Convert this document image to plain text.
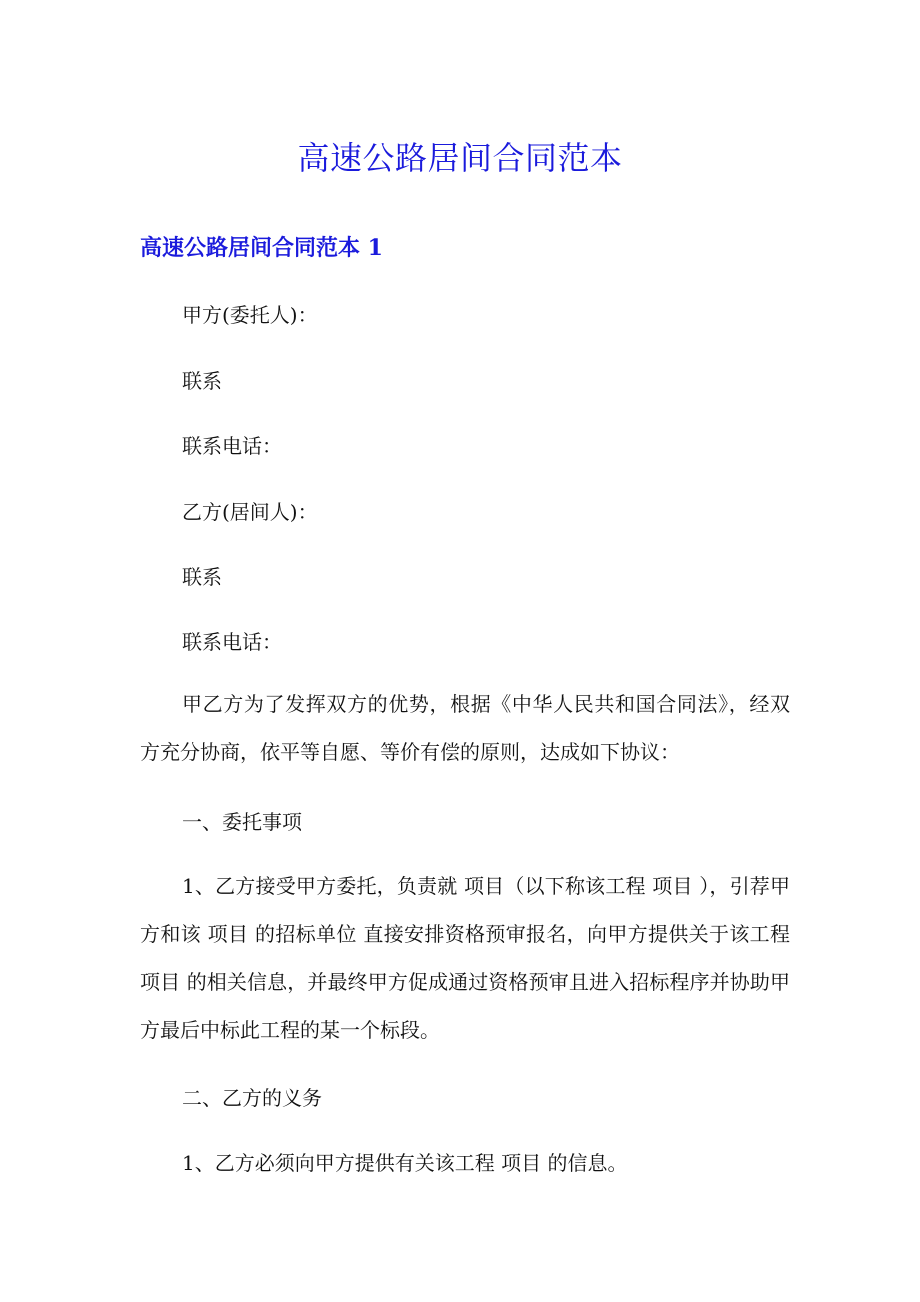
高速公路居间合同范本
高速公路居间合同范本 1

甲方(委托人)：

联系

联系电话：

乙方(居间人)：

联系

联系电话：

甲乙方为了发挥双方的优势，根据《中华人民共和国合同法》，经双方充分协商，依平等自愿、等价有偿的原则，达成如下协议：

一、委托事项

1、乙方接受甲方委托，负责就 项目（以下称该工程 项目 ），引荐甲方和该 项目 的招标单位 直接安排资格预审报名，向甲方提供关于该工程 项目 的相关信息，并最终甲方促成通过资格预审且进入招标程序并协助甲方最后中标此工程的某一个标段。

二、乙方的义务

1、乙方必须向甲方提供有关该工程 项目 的信息。
